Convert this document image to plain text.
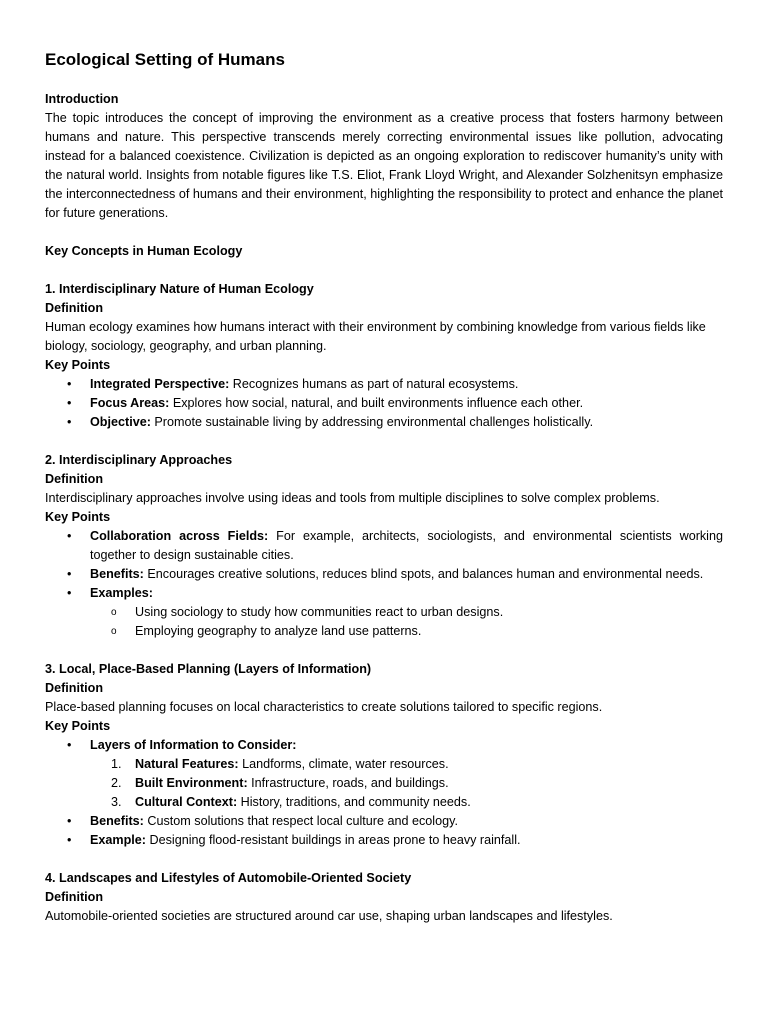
Ecological Setting of Humans

Introduction

The topic introduces the concept of improving the environment as a creative process that fosters harmony between humans and nature. This perspective transcends merely correcting environmental issues like pollution, advocating instead for a balanced coexistence. Civilization is depicted as an ongoing exploration to rediscover humanity’s unity with the natural world. Insights from notable figures like T.S. Eliot, Frank Lloyd Wright, and Alexander Solzhenitsyn emphasize the interconnectedness of humans and their environment, highlighting the responsibility to protect and enhance the planet for future generations.

Key Concepts in Human Ecology

1. Interdisciplinary Nature of Human Ecology

Definition

Human ecology examines how humans interact with their environment by combining knowledge from various fields like biology, sociology, geography, and urban planning.

Key Points

• Integrated Perspective: Recognizes humans as part of natural ecosystems.
• Focus Areas: Explores how social, natural, and built environments influence each other.
• Objective: Promote sustainable living by addressing environmental challenges holistically.

2. Interdisciplinary Approaches

Definition

Interdisciplinary approaches involve using ideas and tools from multiple disciplines to solve complex problems.

Key Points

• Collaboration across Fields: For example, architects, sociologists, and environmental scientists working together to design sustainable cities.
• Benefits: Encourages creative solutions, reduces blind spots, and balances human and environmental needs.
• Examples:
o Using sociology to study how communities react to urban designs.
o Employing geography to analyze land use patterns.

3. Local, Place-Based Planning (Layers of Information)

Definition

Place-based planning focuses on local characteristics to create solutions tailored to specific regions.

Key Points

• Layers of Information to Consider:
1. Natural Features: Landforms, climate, water resources.
2. Built Environment: Infrastructure, roads, and buildings.
3. Cultural Context: History, traditions, and community needs.
• Benefits: Custom solutions that respect local culture and ecology.
• Example: Designing flood-resistant buildings in areas prone to heavy rainfall.

4. Landscapes and Lifestyles of Automobile-Oriented Society

Definition

Automobile-oriented societies are structured around car use, shaping urban landscapes and lifestyles.
